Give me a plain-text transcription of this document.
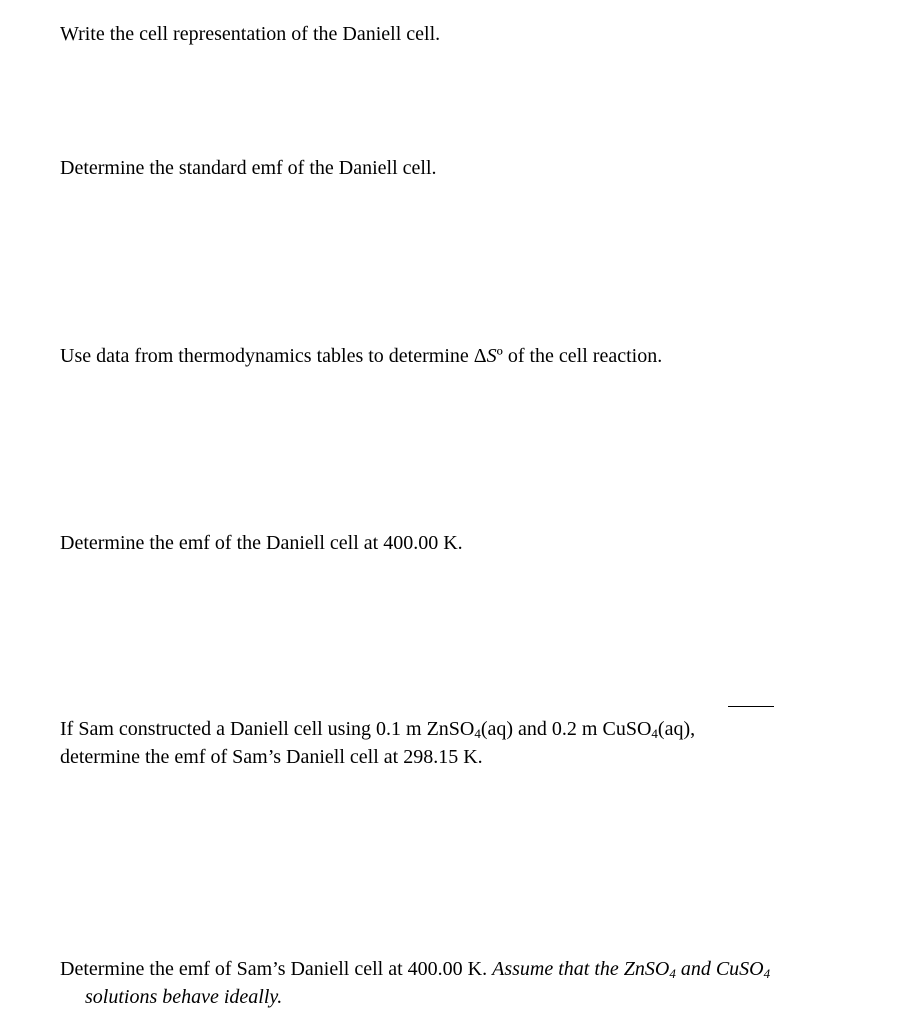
Write the cell representation of the Daniell cell.

Determine the standard emf of the Daniell cell.

Use data from thermodynamics tables to determine ΔSº of the cell reaction.

Determine the emf of the Daniell cell at 400.00 K.

If Sam constructed a Daniell cell using 0.1 m ZnSO$_4$(aq) and 0.2 m CuSO$_4$(aq),
determine the emf of Sam’s Daniell cell at 298.15 K.
Determine the emf of Sam’s Daniell cell at 400.00 K. Assume that the ZnSO$_4$ and CuSO$_4$
solutions behave ideally.
